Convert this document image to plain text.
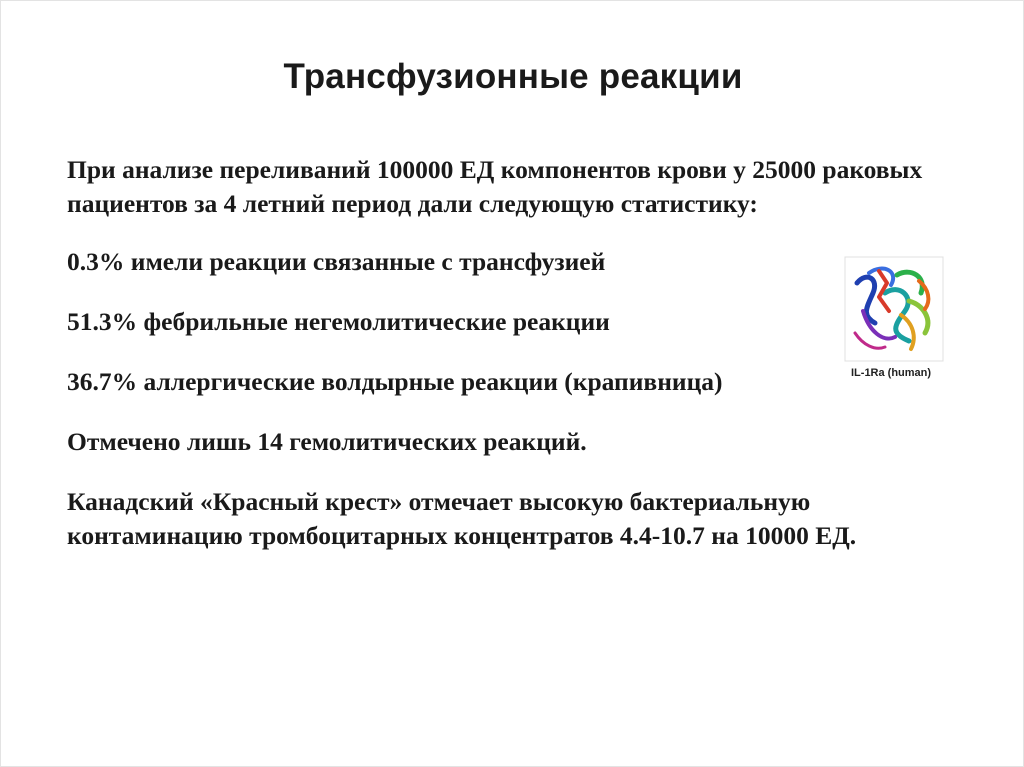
Трансфузионные реакции

При анализе переливаний 100000 ЕД компонентов крови у 25000 раковых пациентов за 4 летний период дали следующую статистику:

0.3% имели реакции связанные с трансфузией

51.3% фебрильные негемолитические реакции

36.7% аллергические волдырные реакции (крапивница)

Отмечено лишь 14 гемолитических реакций.

Канадский «Красный крест» отмечает высокую бактериальную контаминацию тромбоцитарных концентратов 4.4-10.7 на 10000 ЕД.

IL-1Ra (human)
